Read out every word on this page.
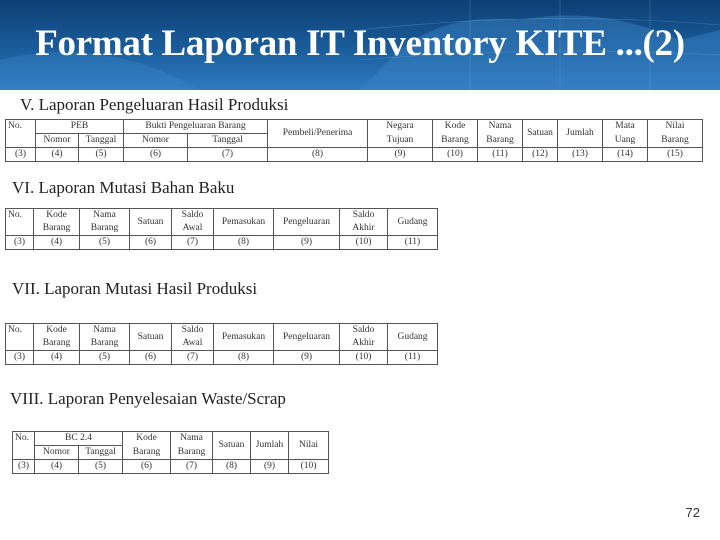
Format Laporan IT Inventory KITE ...(2)
V. Laporan Pengeluaran Hasil Produksi
No.	PEB		Bukti Pengeluaran Barang		Pembeli/Penerima	Negara	Kode	Nama	Satuan	Jumlah	Mata	Nilai
	Nomor	Tanggal	Nomor	Tanggal		Tujuan	Barang	Barang			Uang	Barang
(3)	(4)	(5)	(6)	(7)	(8)	(9)	(10)	(11)	(12)	(13)	(14)	(15)
VI. Laporan Mutasi Bahan Baku
No.	Kode	Nama	Satuan	Saldo	Pemasukan	Pengeluaran	Saldo	Gudang
	Barang	Barang		Awal			Akhir	
(3)	(4)	(5)	(6)	(7)	(8)	(9)	(10)	(11)
VII. Laporan Mutasi Hasil Produksi
No.	Kode	Nama	Satuan	Saldo	Pemasukan	Pengeluaran	Saldo	Gudang
	Barang	Barang		Awal			Akhir	
(3)	(4)	(5)	(6)	(7)	(8)	(9)	(10)	(11)
VIII. Laporan Penyelesaian Waste/Scrap
No.	BC 2.4		Kode	Nama	Satuan	Jumlah	Nilai
	Nomor	Tanggal	Barang	Barang			
(3)	(4)	(5)	(6)	(7)	(8)	(9)	(10)
72
